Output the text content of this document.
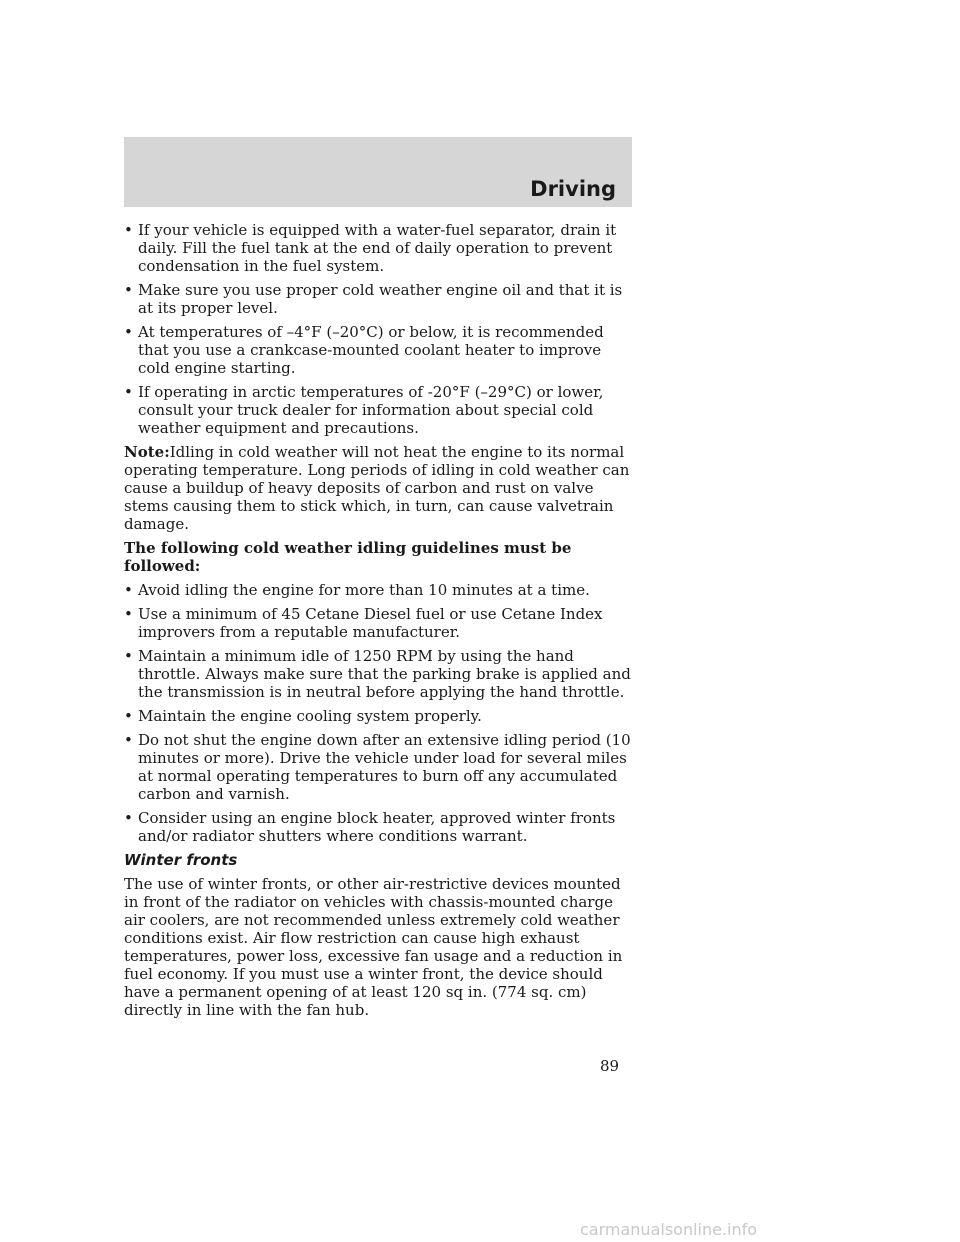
Driving
• If your vehicle is equipped with a water-fuel separator, drain it daily. Fill the fuel tank at the end of daily operation to prevent condensation in the fuel system.
• Make sure you use proper cold weather engine oil and that it is at its proper level.
• At temperatures of –4°F (–20°C) or below, it is recommended that you use a crankcase-mounted coolant heater to improve cold engine starting.
• If operating in arctic temperatures of -20°F (–29°C) or lower, consult your truck dealer for information about special cold weather equipment and precautions.

Note:Idling in cold weather will not heat the engine to its normal operating temperature. Long periods of idling in cold weather can cause a buildup of heavy deposits of carbon and rust on valve stems causing them to stick which, in turn, can cause valvetrain damage.

The following cold weather idling guidelines must be followed:

• Avoid idling the engine for more than 10 minutes at a time.
• Use a minimum of 45 Cetane Diesel fuel or use Cetane Index improvers from a reputable manufacturer.
• Maintain a minimum idle of 1250 RPM by using the hand throttle. Always make sure that the parking brake is applied and the transmission is in neutral before applying the hand throttle.
• Maintain the engine cooling system properly.
• Do not shut the engine down after an extensive idling period (10 minutes or more). Drive the vehicle under load for several miles at normal operating temperatures to burn off any accumulated carbon and varnish.
• Consider using an engine block heater, approved winter fronts and/or radiator shutters where conditions warrant.
Winter fronts

The use of winter fronts, or other air-restrictive devices mounted in front of the radiator on vehicles with chassis-mounted charge air coolers, are not recommended unless extremely cold weather conditions exist. Air flow restriction can cause high exhaust temperatures, power loss, excessive fan usage and a reduction in fuel economy. If you must use a winter front, the device should have a permanent opening of at least 120 sq in. (774 sq. cm) directly in line with the fan hub.

89
carmanualsonline.info
